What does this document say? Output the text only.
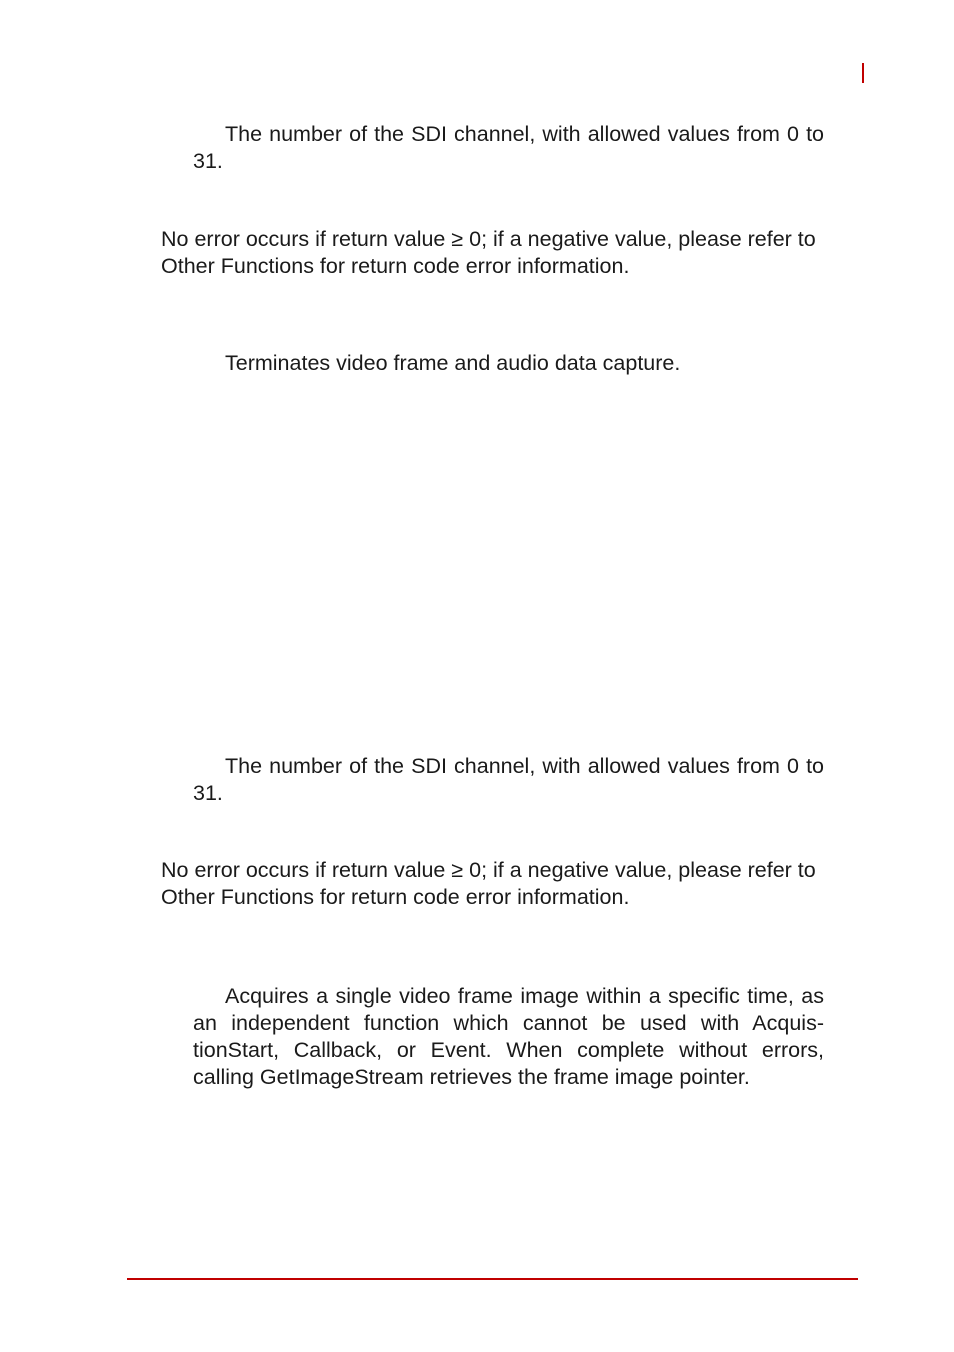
The number of the SDI channel, with allowed values from 0 to 31.

No error occurs if return value ≥ 0; if a negative value, please refer to Other Functions for return code error information.

Terminates video frame and audio data capture.

The number of the SDI channel, with allowed values from 0 to 31.

No error occurs if return value ≥ 0; if a negative value, please refer to Other Functions for return code error information.

Acquires a single video frame image within a specific time, as an independent function which cannot be used with AcquistionStart, Callback, or Event. When complete without errors, calling GetImageStream retrieves the frame image pointer.
